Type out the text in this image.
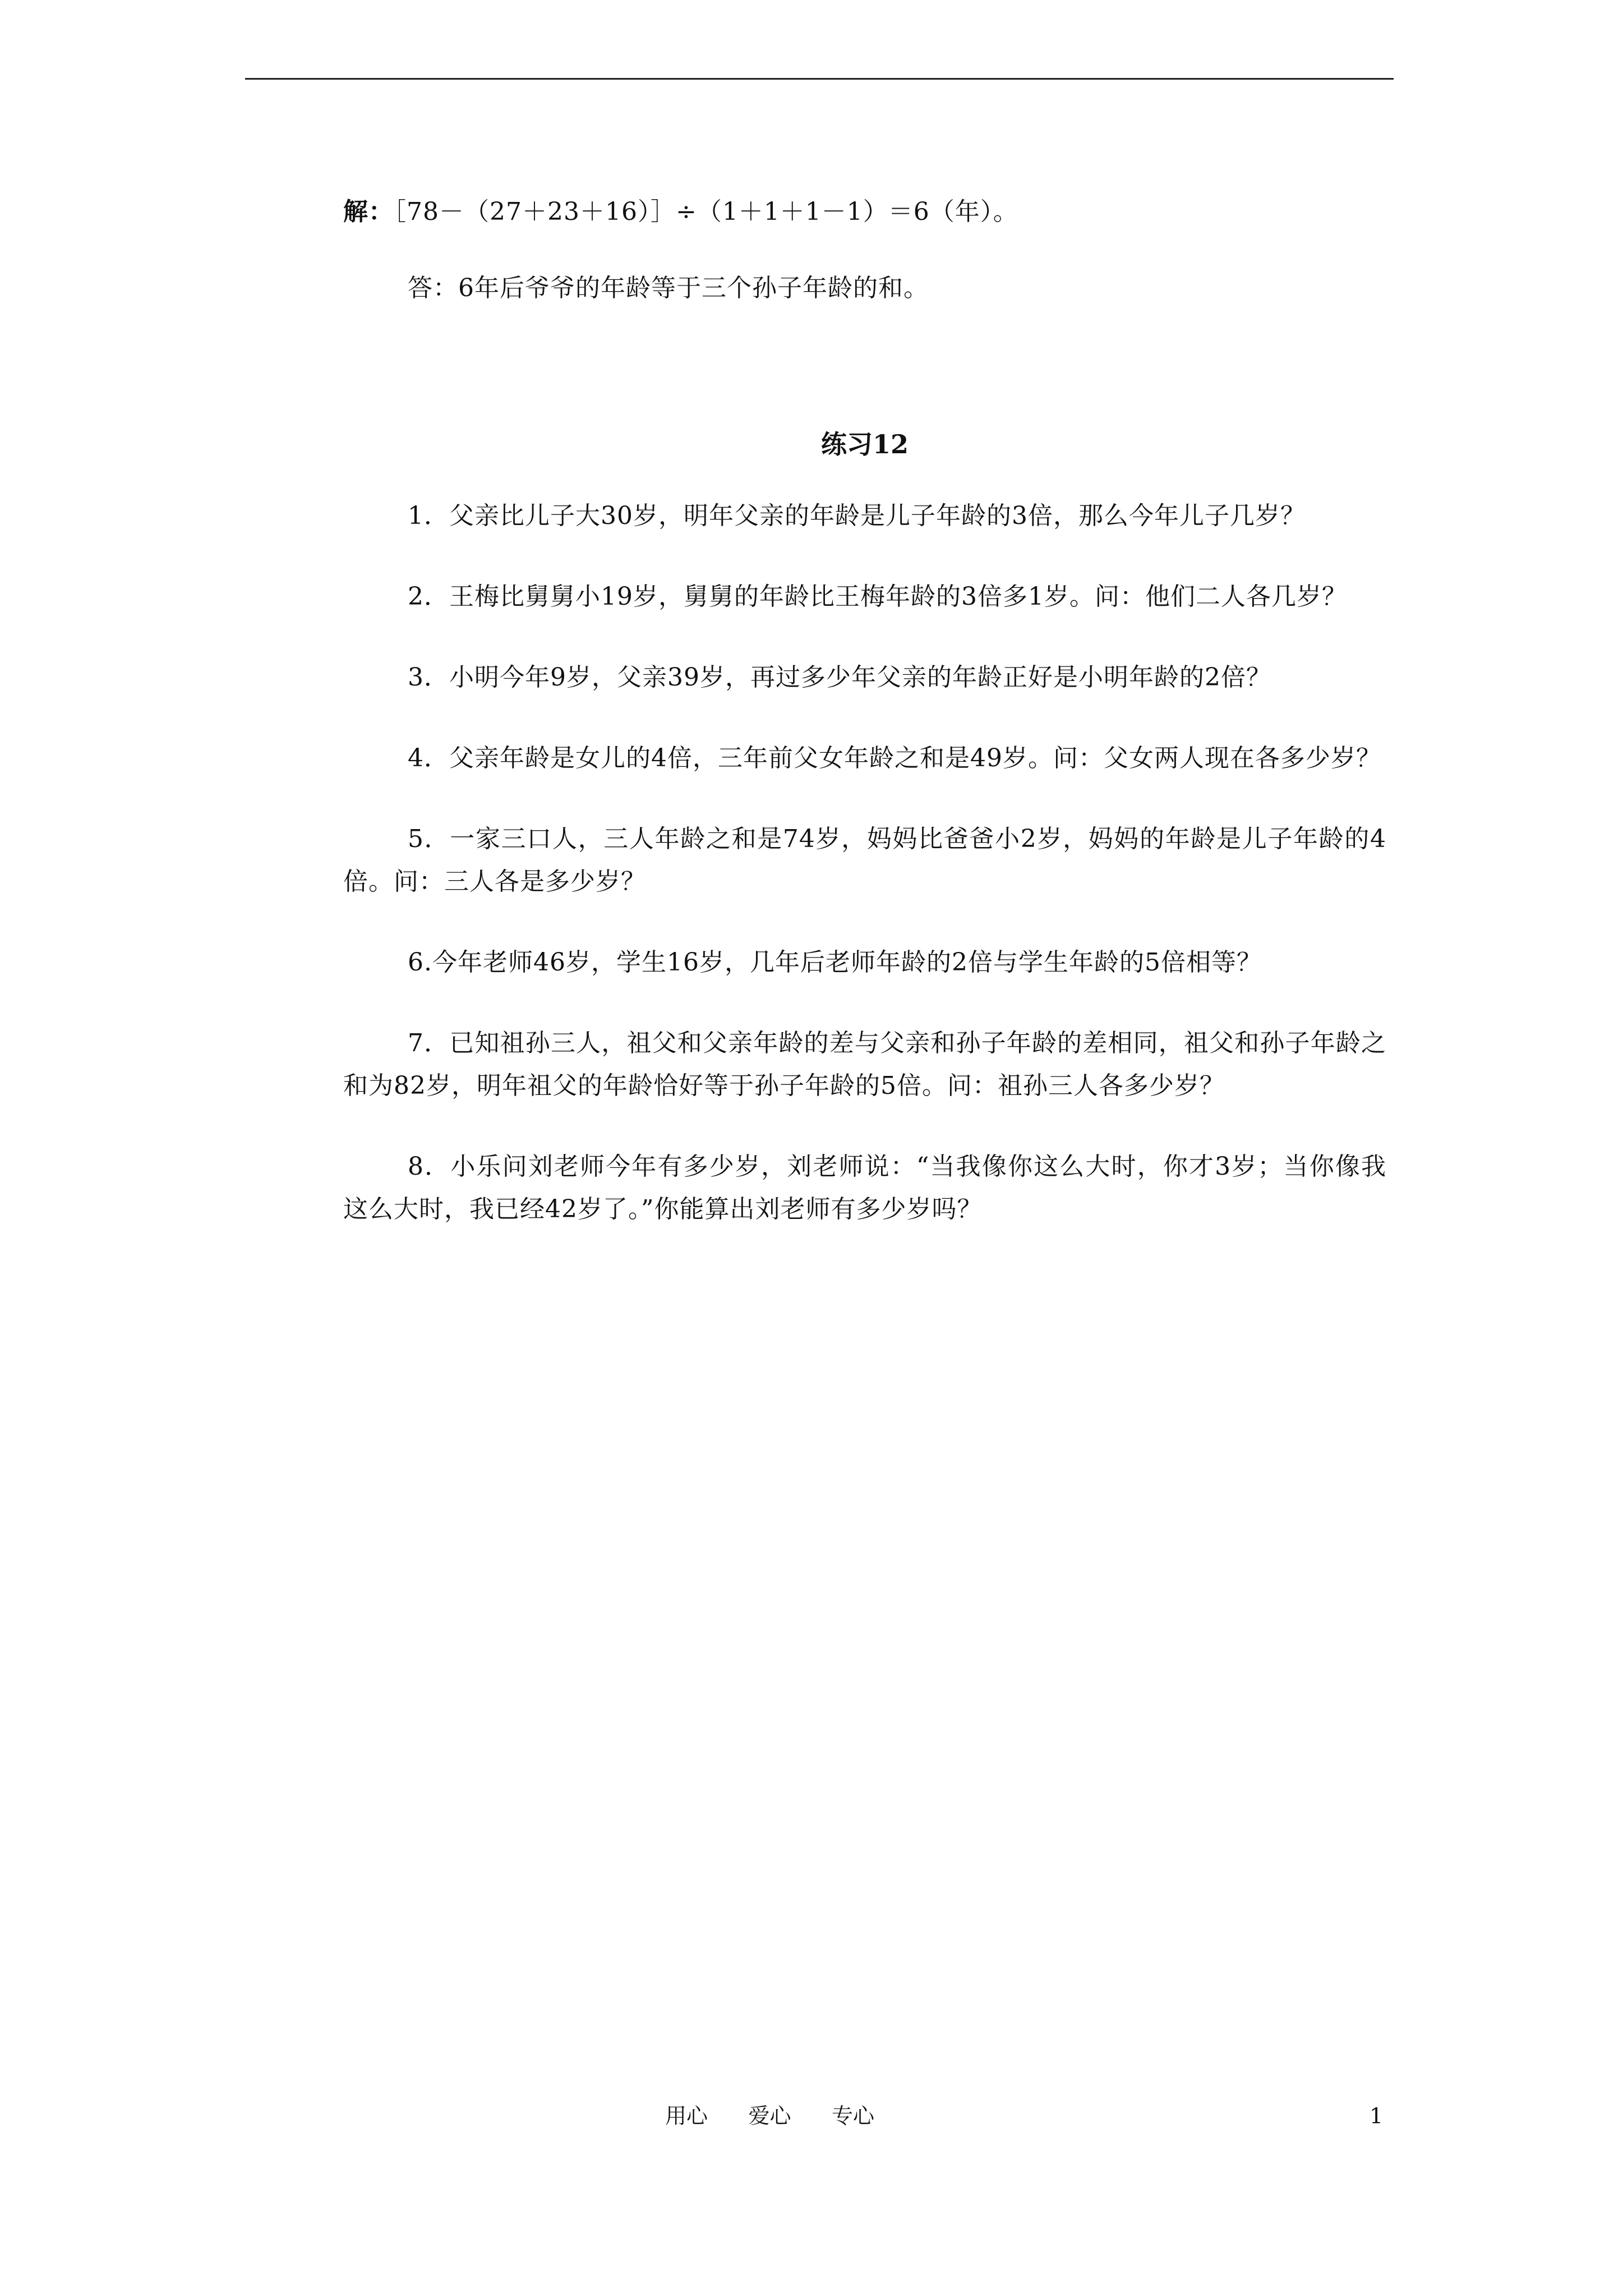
解：［78－（27＋23＋16）］÷（1＋1＋1－1）＝6（年）。

答：6年后爷爷的年龄等于三个孙子年龄的和。

练习12

1．父亲比儿子大30岁，明年父亲的年龄是儿子年龄的3倍，那么今年儿子几岁？

2．王梅比舅舅小19岁，舅舅的年龄比王梅年龄的3倍多1岁。问：他们二人各几岁？

3．小明今年9岁，父亲39岁，再过多少年父亲的年龄正好是小明年龄的2倍？

4．父亲年龄是女儿的4倍，三年前父女年龄之和是49岁。问：父女两人现在各多少岁？

5．一家三口人，三人年龄之和是74岁，妈妈比爸爸小2岁，妈妈的年龄是儿子年龄的4倍。问：三人各是多少岁？

6.今年老师46岁，学生16岁，几年后老师年龄的2倍与学生年龄的5倍相等？

7．已知祖孙三人，祖父和父亲年龄的差与父亲和孙子年龄的差相同，祖父和孙子年龄之和为82岁，明年祖父的年龄恰好等于孙子年龄的5倍。问：祖孙三人各多少岁？

8．小乐问刘老师今年有多少岁，刘老师说：“当我像你这么大时，你才3岁；当你像我这么大时，我已经42岁了。”你能算出刘老师有多少岁吗？

用心      爱心      专心	1
